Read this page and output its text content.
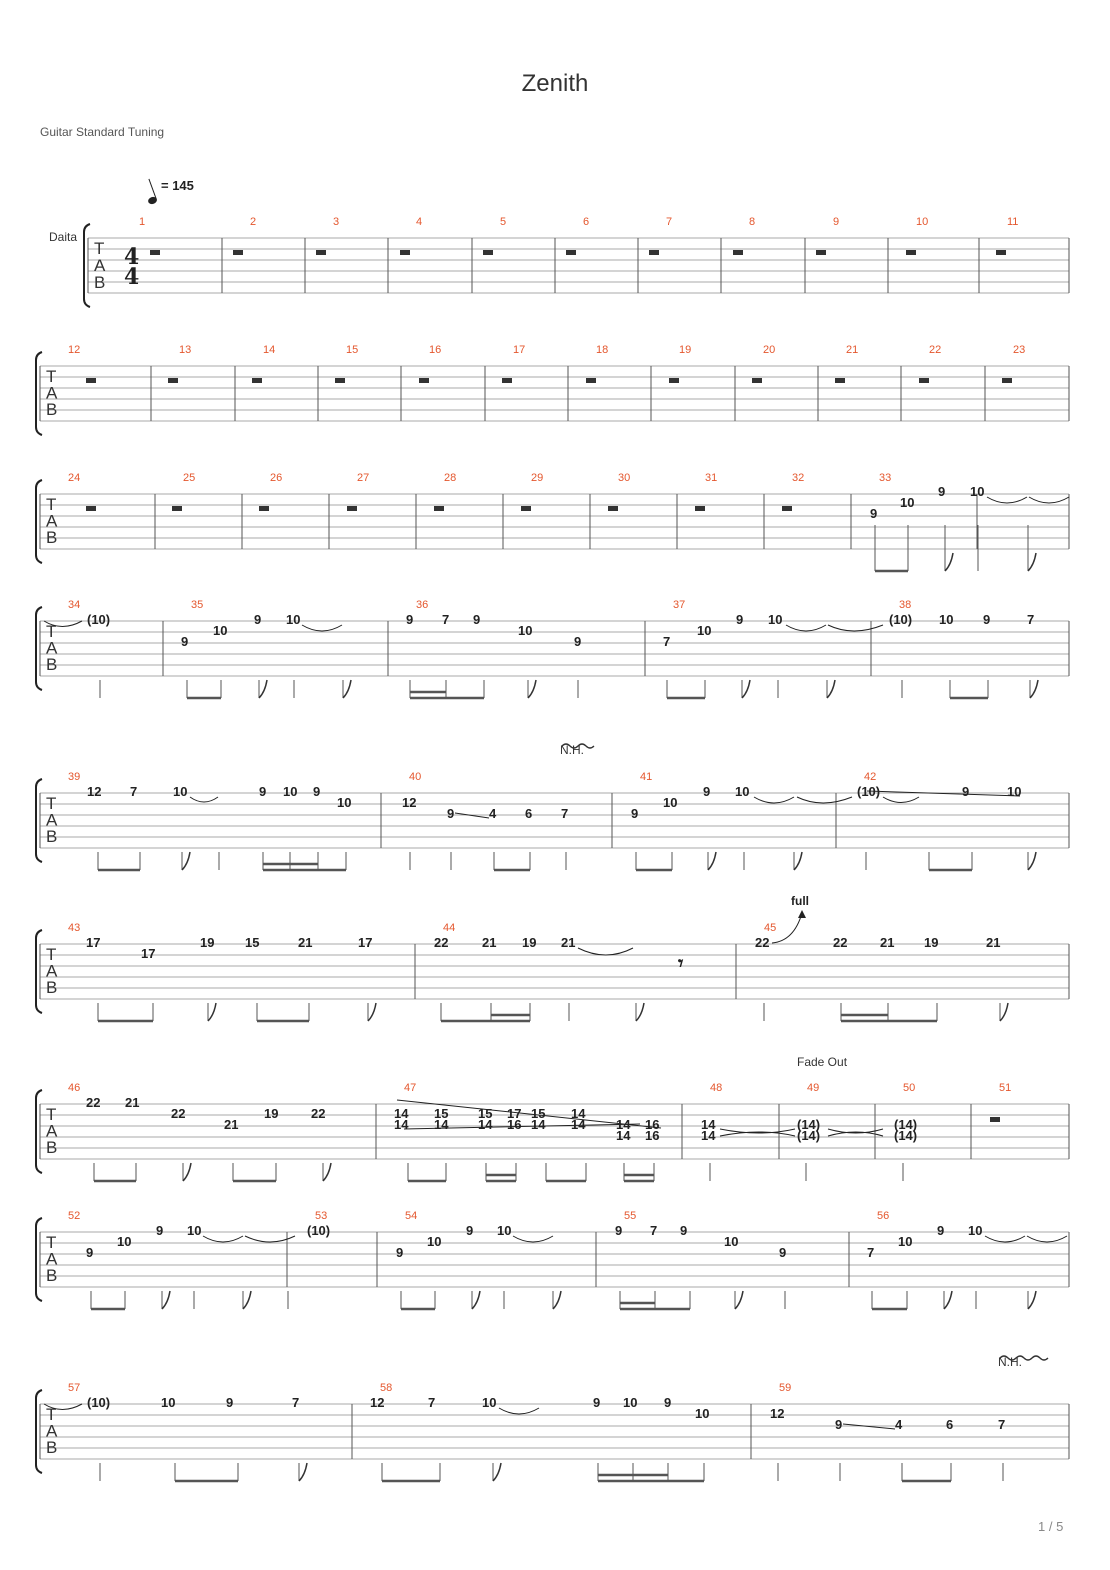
Zenith
Guitar Standard Tuning
= 145
Daita
T
A
B
4
4
T
A
B
T
A
B
T
A
B
T
A
B
T
A
B
T
A
B
T
A
B
T
A
B
1	2	3	4	5	6	7	8	9	10	11
12	13	14	15	16	17	18	19	20	21	22	23
24	25	26	27	28	29	30	31	32	33
34	35	36	37	38
39	40	41	42
43	44	45
46	47	48	49	50	51
52	53	54	55	56
57	58	59
N.H.
full
Fade Out
N.H.
9
10
9 10
(10)
9
10
9 10	9 7 9
10
9	7
10
9 10	(10) 10 9	7
12 7	10	9 10 9
10	12
9	4 6 7	9
10
9 10	(10)	9	10
17
17
19 15	21	17	22	21 19 21	22	22	21 19	21
22 21
22
21
19	22	14
14
15
14
15
14
17
16
15
14
14
14 14
14
16
16
14
14
(14)
(14)
(14)
(14)
9
10
9 10	(10)
9
10
9 10	9 7 9
10
9	7
10
9 10
(10)	10	9	7	12	7	10	9 10 9
10	12
9	4	6	7
𝄾
1 / 5
